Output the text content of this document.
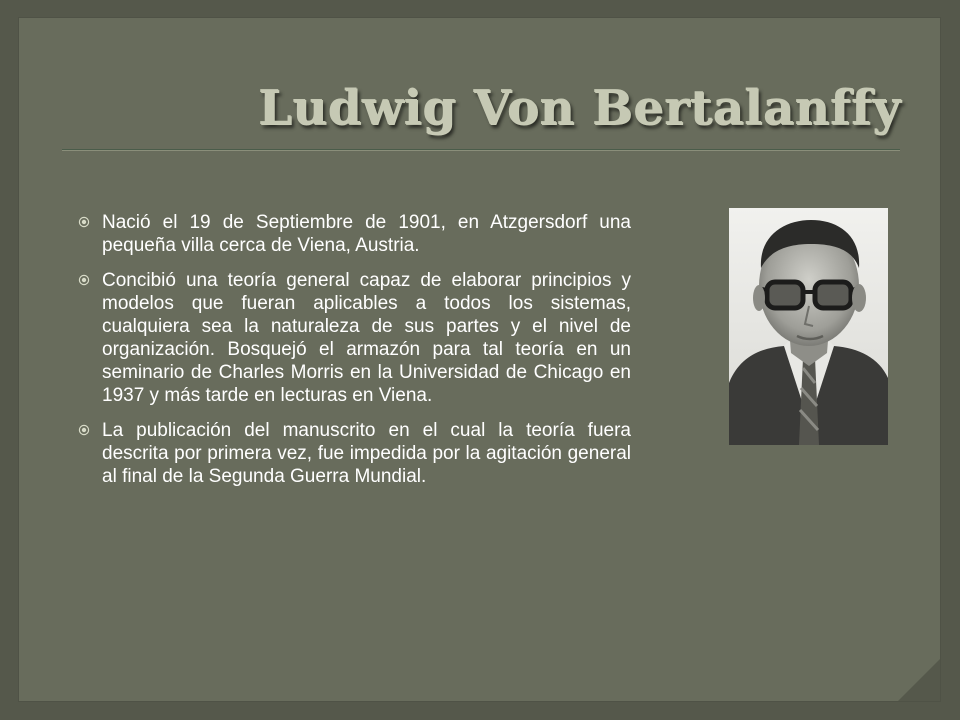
Ludwig Von Bertalanffy
Nació el 19 de Septiembre de 1901, en Atzgersdorf una pequeña villa cerca de Viena, Austria.
Concibió una teoría general capaz de elaborar principios y modelos que fueran aplicables a todos los sistemas, cualquiera sea la naturaleza de sus partes y el nivel de organización. Bosquejó el armazón para tal teoría en un seminario de Charles Morris en la Universidad de Chicago en 1937 y más tarde en lecturas en Viena.
La publicación del manuscrito en el cual la teoría fuera descrita por primera vez, fue impedida por la agitación general al final de la Segunda Guerra Mundial.
